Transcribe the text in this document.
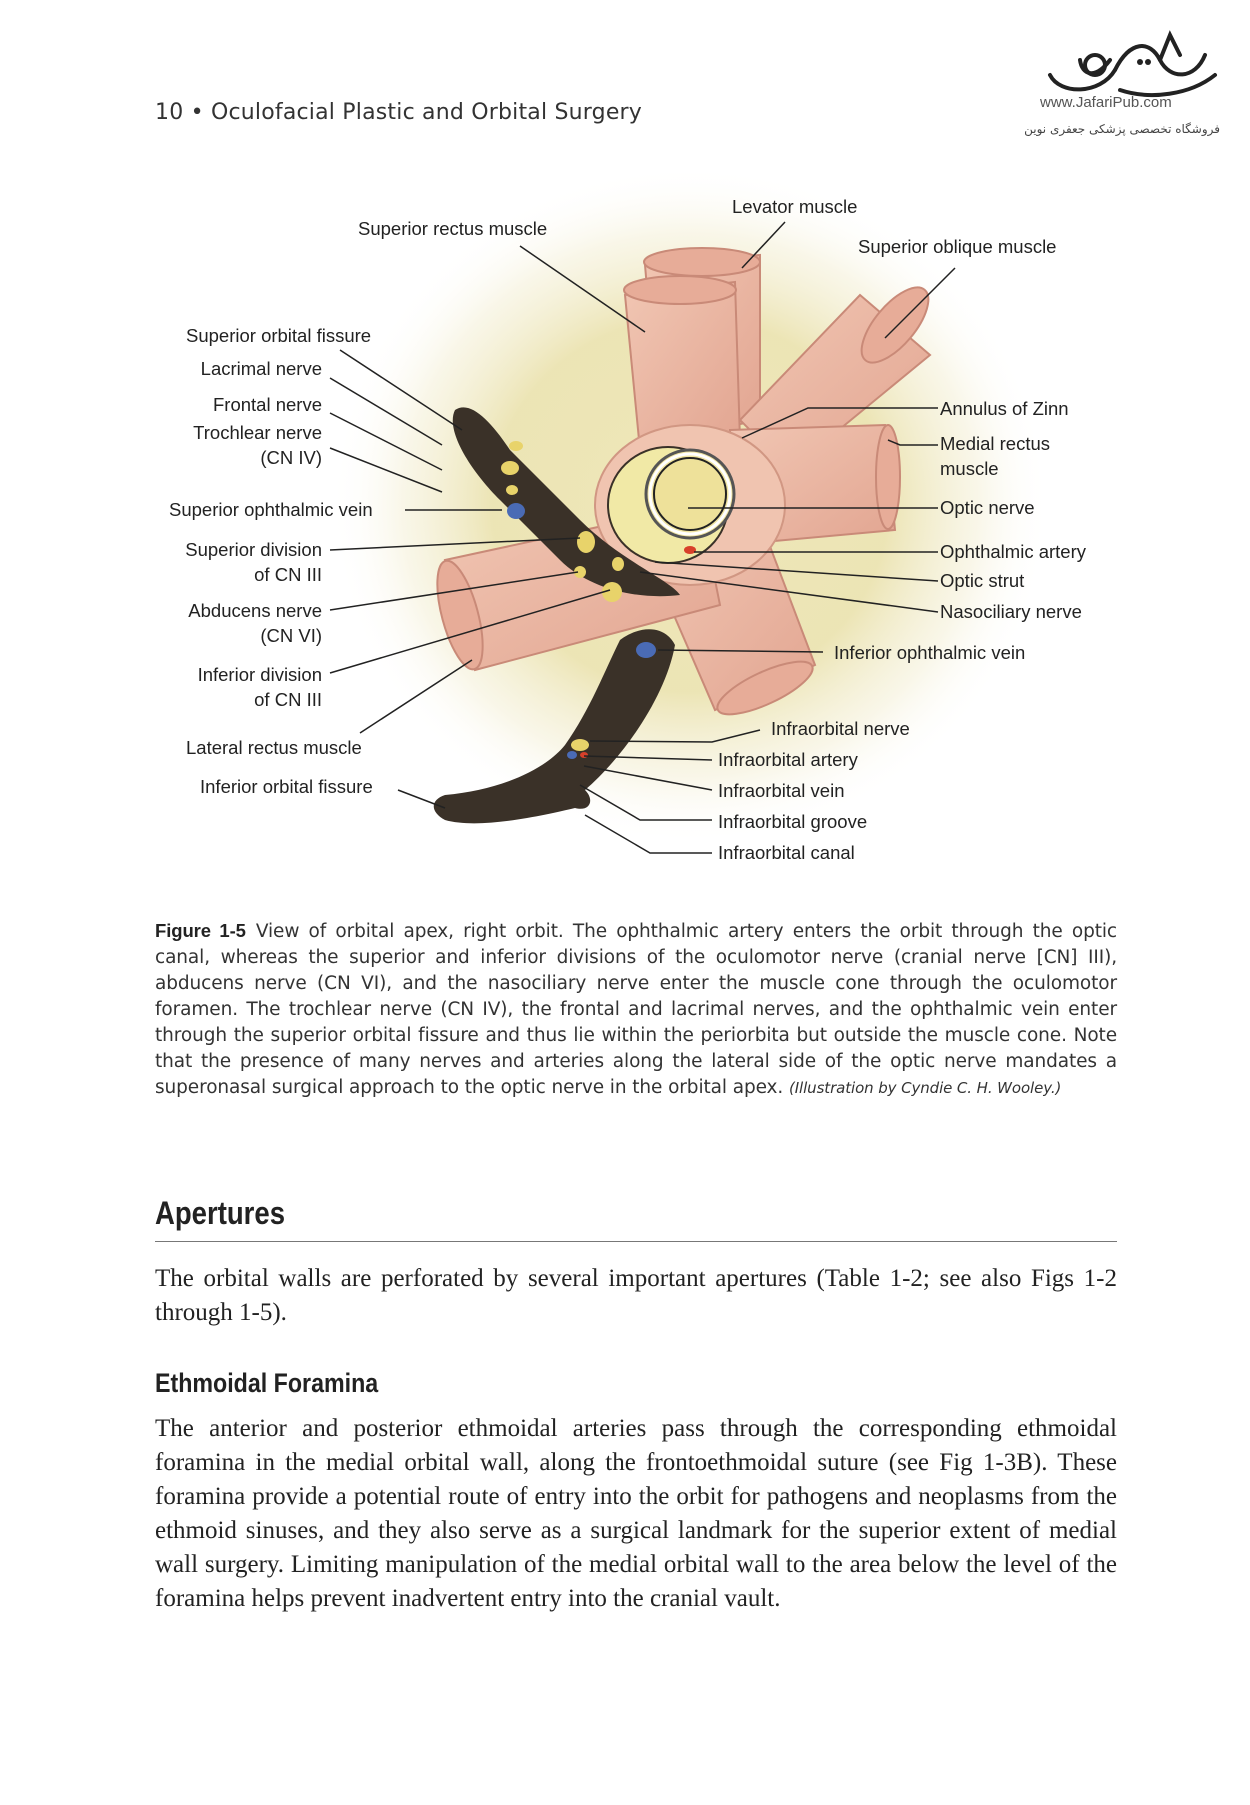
10 • Oculofacial Plastic and Orbital Surgery	www.JafariPub.com
فروشگاه تخصصی پزشکی جعفری نوین
Superior rectus muscle
Levator muscle
Superior oblique muscle
Superior orbital fissure
Lacrimal nerve
Frontal nerve
Trochlear nerve
(CN IV)
Superior ophthalmic vein
Superior division
of CN III
Abducens nerve
(CN VI)
Inferior division
of CN III
Lateral rectus muscle
Inferior orbital fissure
Annulus of Zinn
Medial rectus
muscle
Optic nerve
Ophthalmic artery
Optic strut
Nasociliary nerve
Inferior ophthalmic vein
Infraorbital nerve
Infraorbital artery
Infraorbital vein
Infraorbital groove
Infraorbital canal
Figure 1-5 View of orbital apex, right orbit. The ophthalmic artery enters the orbit through the optic canal, whereas the superior and inferior divisions of the oculomotor nerve (cranial nerve [CN] III), abducens nerve (CN VI), and the nasociliary nerve enter the muscle cone through the oculomotor foramen. The trochlear nerve (CN IV), the frontal and lacrimal nerves, and the ophthalmic vein enter through the superior orbital fissure and thus lie within the periorbita but outside the muscle cone. Note that the presence of many nerves and arteries along the lateral side of the optic nerve mandates a superonasal surgical approach to the optic nerve in the orbital apex. (Illustration by Cyndie C. H. Wooley.)
Apertures
The orbital walls are perforated by several important apertures (Table 1-2; see also Figs 1-2 through 1-5).
Ethmoidal Foramina
The anterior and posterior ethmoidal arteries pass through the corresponding ethmoidal foramina in the medial orbital wall, along the frontoethmoidal suture (see Fig 1-3B). These foramina provide a potential route of entry into the orbit for pathogens and neoplasms from the ethmoid sinuses, and they also serve as a surgical landmark for the superior extent of medial wall surgery. Limiting manipulation of the medial orbital wall to the area below the level of the foramina helps prevent inadvertent entry into the cranial vault.
